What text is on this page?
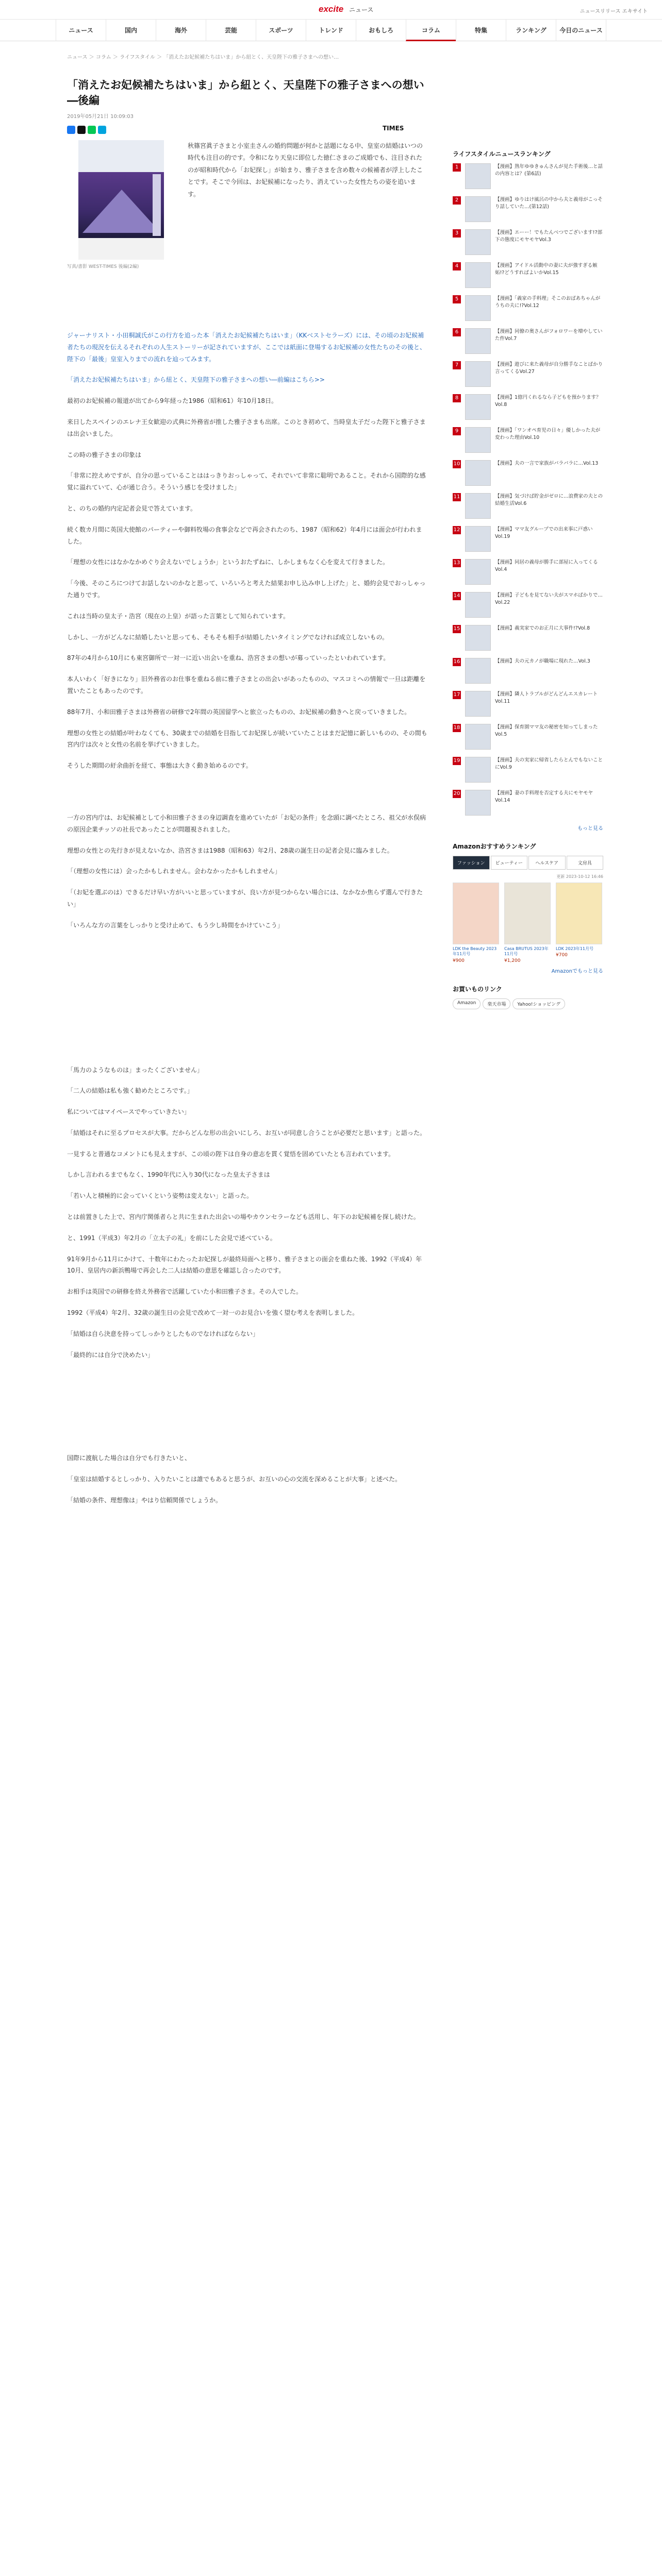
excite ニュース	ニュースリリース エキサイト
ニュース	国内	海外	芸能	スポーツ	トレンド	おもしろ	コラム	特集	ランキング	今日のニュース
ニュース ＞ コラム ＞ ライフスタイル ＞ 「消えたお妃候補たちはいま」から紐とく、天皇陛下の雅子さまへの想い…
「消えたお妃候補たちはいま」から紐とく、天皇陛下の雅子さまへの想い―後編
2019年05月21日 10:09:03
TIMES
写真/書影 WEST-TIMES 後編(2編)
秋篠宮眞子さまと小室圭さんの婚約問題が何かと話題になる中、皇室の結婚はいつの時代も注目の的です。令和になり天皇に即位した徳仁さまのご成婚でも、注目されたのが昭和時代から「お妃探し」が始まり、雅子さまを含め数々の候補者が浮上したことです。そこで今回は、お妃候補になったり、消えていった女性たちの姿を追います。

ジャーナリスト・小田桐誠氏がこの行方を追った本「消えたお妃候補たちはいま」（KKベストセラーズ）には、その頃のお妃候補者たちの現況を伝えるそれぞれの人生ストーリーが記されていますが、ここでは紙面に登場するお妃候補の女性たちのその後と、陛下の「最後」皇室入りまでの流れを辿ってみます。

「消えたお妃候補たちはいま」から紐とく、天皇陛下の雅子さまへの想い―前編はこちら>>

最初のお妃候補の報道が出てから9年経った1986（昭和61）年10月18日。

来日したスペインのエレナ王女歓迎の式典に外務省が推した雅子さまも出席。このとき初めて、当時皇太子だった陛下と雅子さまは出会いました。

この時の雅子さまの印象は

「非常に控えめですが、自分の思っていることははっきりおっしゃって、それでいて非常に聡明であること。それから国際的な感覚に溢れていて、心が通じ合う。そういう感じを受けました」

と、のちの婚約内定記者会見で答えています。

続く数カ月間に英国大使館のパーティーや御料牧場の食事会などで再会されたのち、1987（昭和62）年4月には面会が行われました。

「理想の女性にはなかなかめぐり会えないでしょうか」というおたずねに、しかしまもなく心を変えて行きました。

「今後、そのころにつけてお話しないのかなと思って、いろいろと考えた結果お申し込み申し上げた」と、婚約会見でおっしゃった通りです。

これは当時の皇太子・浩宮（現在の上皇）が語った言葉として知られています。

しかし、一方がどんなに結婚したいと思っても、そもそも相手が結婚したいタイミングでなければ成立しないもの。

87年の4月から10月にも東宮御所で一対一に近い出会いを重ね、浩宮さまの想いが募っていったといわれています。

本人いわく「好きになり」旧外務省のお仕事を重ねる前に雅子さまとの出会いがあったものの、マスコミへの情報で一旦は距離を置いたこともあったのです。

88年7月、小和田雅子さまは外務省の研修で2年間の英国留学へと旅立ったものの、お妃候補の動きへと戻っていきました。

理想の女性との結婚が叶わなくても、30歳までの結婚を目指してお妃探しが続いていたことはまだ記憶に新しいものの、その間も宮内庁は次々と女性の名前を挙げていきました。

そうした期間の紆余曲折を経て、事態は大きく動き始めるのです。

一方の宮内庁は、お妃候補として小和田雅子さまの身辺調査を進めていたが「お妃の条件」を念頭に調べたところ、祖父が水俣病の原因企業チッソの社長であったことが問題視されました。

理想の女性との先行きが見えないなか、浩宮さまは1988（昭和63）年2月、28歳の誕生日の記者会見に臨みました。

「（理想の女性には）会ったかもしれません。会わなかったかもしれません」

「（お妃を選ぶのは）できるだけ早い方がいいと思っていますが、良い方が見つからない場合には、なかなか焦らず選んで行きたい」

「いろんな方の言葉をしっかりと受け止めて、もう少し時間をかけていこう」

「馬力のようなものは」まったくございません」

「二人の結婚は私も強く勧めたところです。」

私についてはマイペースでやっていきたい」

「結婚はそれに至るプロセスが大事。だからどんな形の出会いにしろ、お互いが同意し合うことが必要だと思います」と語った。

一見すると普通なコメントにも見えますが、この頃の陛下は自身の意志を貫く覚悟を固めていたとも言われています。

しかし言われるまでもなく、1990年代に入り30代になった皇太子さまは

「若い人と積極的に会っていくという姿勢は変えない」と語った。

とは前置きした上で、宮内庁関係者らと共に生まれた出会いの場やカウンセラーなども活用し、年下のお妃候補を探し続けた。

と、1991（平成3）年2月の「立太子の礼」を前にした会見で述べている。

91年9月から11月にかけて、十数年にわたったお妃探しが最終局面へと移り、雅子さまとの面会を重ねた後、1992（平成4）年10月、皇居内の新浜鴨場で再会した二人は結婚の意思を確認し合ったのです。

お相手は英国での研修を終え外務省で活躍していた小和田雅子さま。その人でした。

1992（平成4）年2月、32歳の誕生日の会見で改めて一対一のお見合いを強く望む考えを表明しました。

「結婚は自ら決意を持ってしっかりとしたものでなければならない」

「最終的には自分で決めたい」

国際に渡航した場合は自分でも行きたいと、

「皇室は結婚するとしっかり、入りたいことは誰でもあると思うが、お互いの心の交流を深めることが大事」と述べた。

「結婚の条件、理想像は」やはり信頼関係でしょうか。

ライフスタイルニュースランキング
1	【漫画】熟年ゆゆきゅんさんが見た手術後…と話の内容とは？(第6話)
2	【漫画】ゆりはけ風呂の中から夫と義母がこっそり話していた…(第12話)
3	【漫画】エーー！でもたんべつでございます!?部下の態度にモヤモヤVol.3
4	【漫画】アイドル活動中の妻に夫が強すぎる嫉妬!?どうすればよいかVol.15
5	【漫画】「義家の手料理」そこのおばあちゃんがうちの夫に!?Vol.12
6	【漫画】同僚の奥さんがフォロワーを増やしていた件Vol.7
7	【漫画】遊びに来た義母が自分勝手なことばかり言ってくるVol.27
8	【漫画】1億円くれるなら子どもを預かります？Vol.8
9	【漫画】「ワンオペ育児の日々」優しかった夫が変わった理由Vol.10
10	【漫画】夫の一言で家族がバラバラに…Vol.13
11	【漫画】気づけば貯金がゼロに…浪費家の夫との結婚生活Vol.6
12	【漫画】ママ友グループでの出来事に戸惑いVol.19
13	【漫画】同居の義母が勝手に部屋に入ってくるVol.4
14	【漫画】子どもを見てない夫がスマホばかりで…Vol.22
15	【漫画】義実家でのお正月に大事件!?Vol.8
16	【漫画】夫の元カノが職場に現れた…Vol.3
17	【漫画】隣人トラブルがどんどんエスカレートVol.11
18	【漫画】保育園ママ友の秘密を知ってしまったVol.5
19	【漫画】夫の実家に帰省したらとんでもないことにVol.9
20	【漫画】妻の手料理を否定する夫にモヤモヤVol.14
もっと見る
Amazonおすすめランキング
ファッション	ビューティー	ヘルスケア	文房具
更新 2023-10-12 16:46
LDK the Beauty 2023年11月号
¥900
Casa BRUTUS 2023年11月号
¥1,200
LDK 2023年11月号
¥700
Amazonでもっと見る
お買いものリンク
Amazon	楽天市場	Yahoo!ショッピング
